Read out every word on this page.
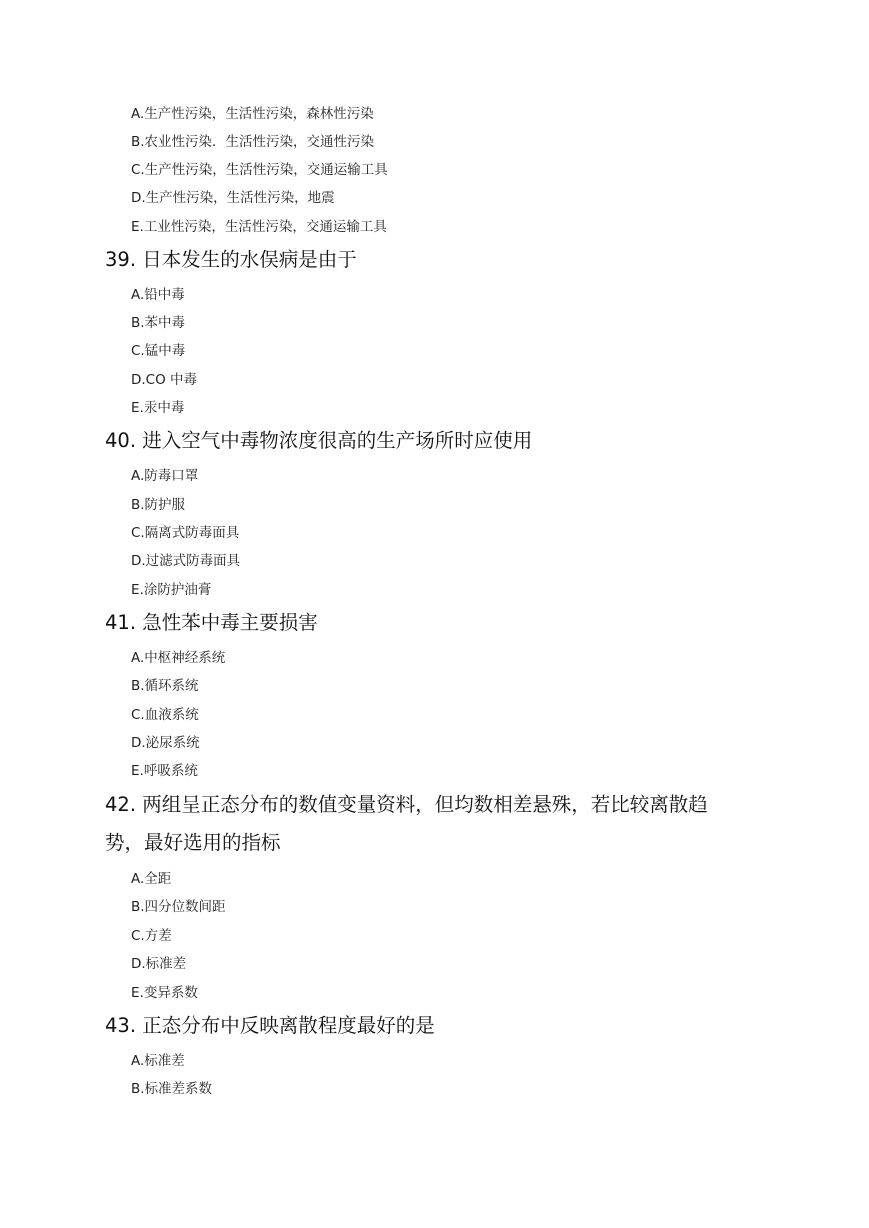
A.生产性污染，生活性污染，森林性污染
B.农业性污染．生活性污染，交通性污染
C.生产性污染，生活性污染，交通运输工具
D.生产性污染，生活性污染，地震
E.工业性污染，生活性污染，交通运输工具
39. 日本发生的水俣病是由于
A.铅中毒
B.苯中毒
C.锰中毒
D.CO 中毒
E.汞中毒
40. 进入空气中毒物浓度很高的生产场所时应使用
A.防毒口罩
B.防护服
C.隔离式防毒面具
D.过滤式防毒面具
E.涂防护油膏
41. 急性苯中毒主要损害
A.中枢神经系统
B.循环系统
C.血液系统
D.泌尿系统
E.呼吸系统
42. 两组呈正态分布的数值变量资料，但均数相差悬殊，若比较离散趋
势，最好选用的指标
A.全距
B.四分位数间距
C.方差
D.标准差
E.变异系数
43. 正态分布中反映离散程度最好的是
A.标准差
B.标准差系数
